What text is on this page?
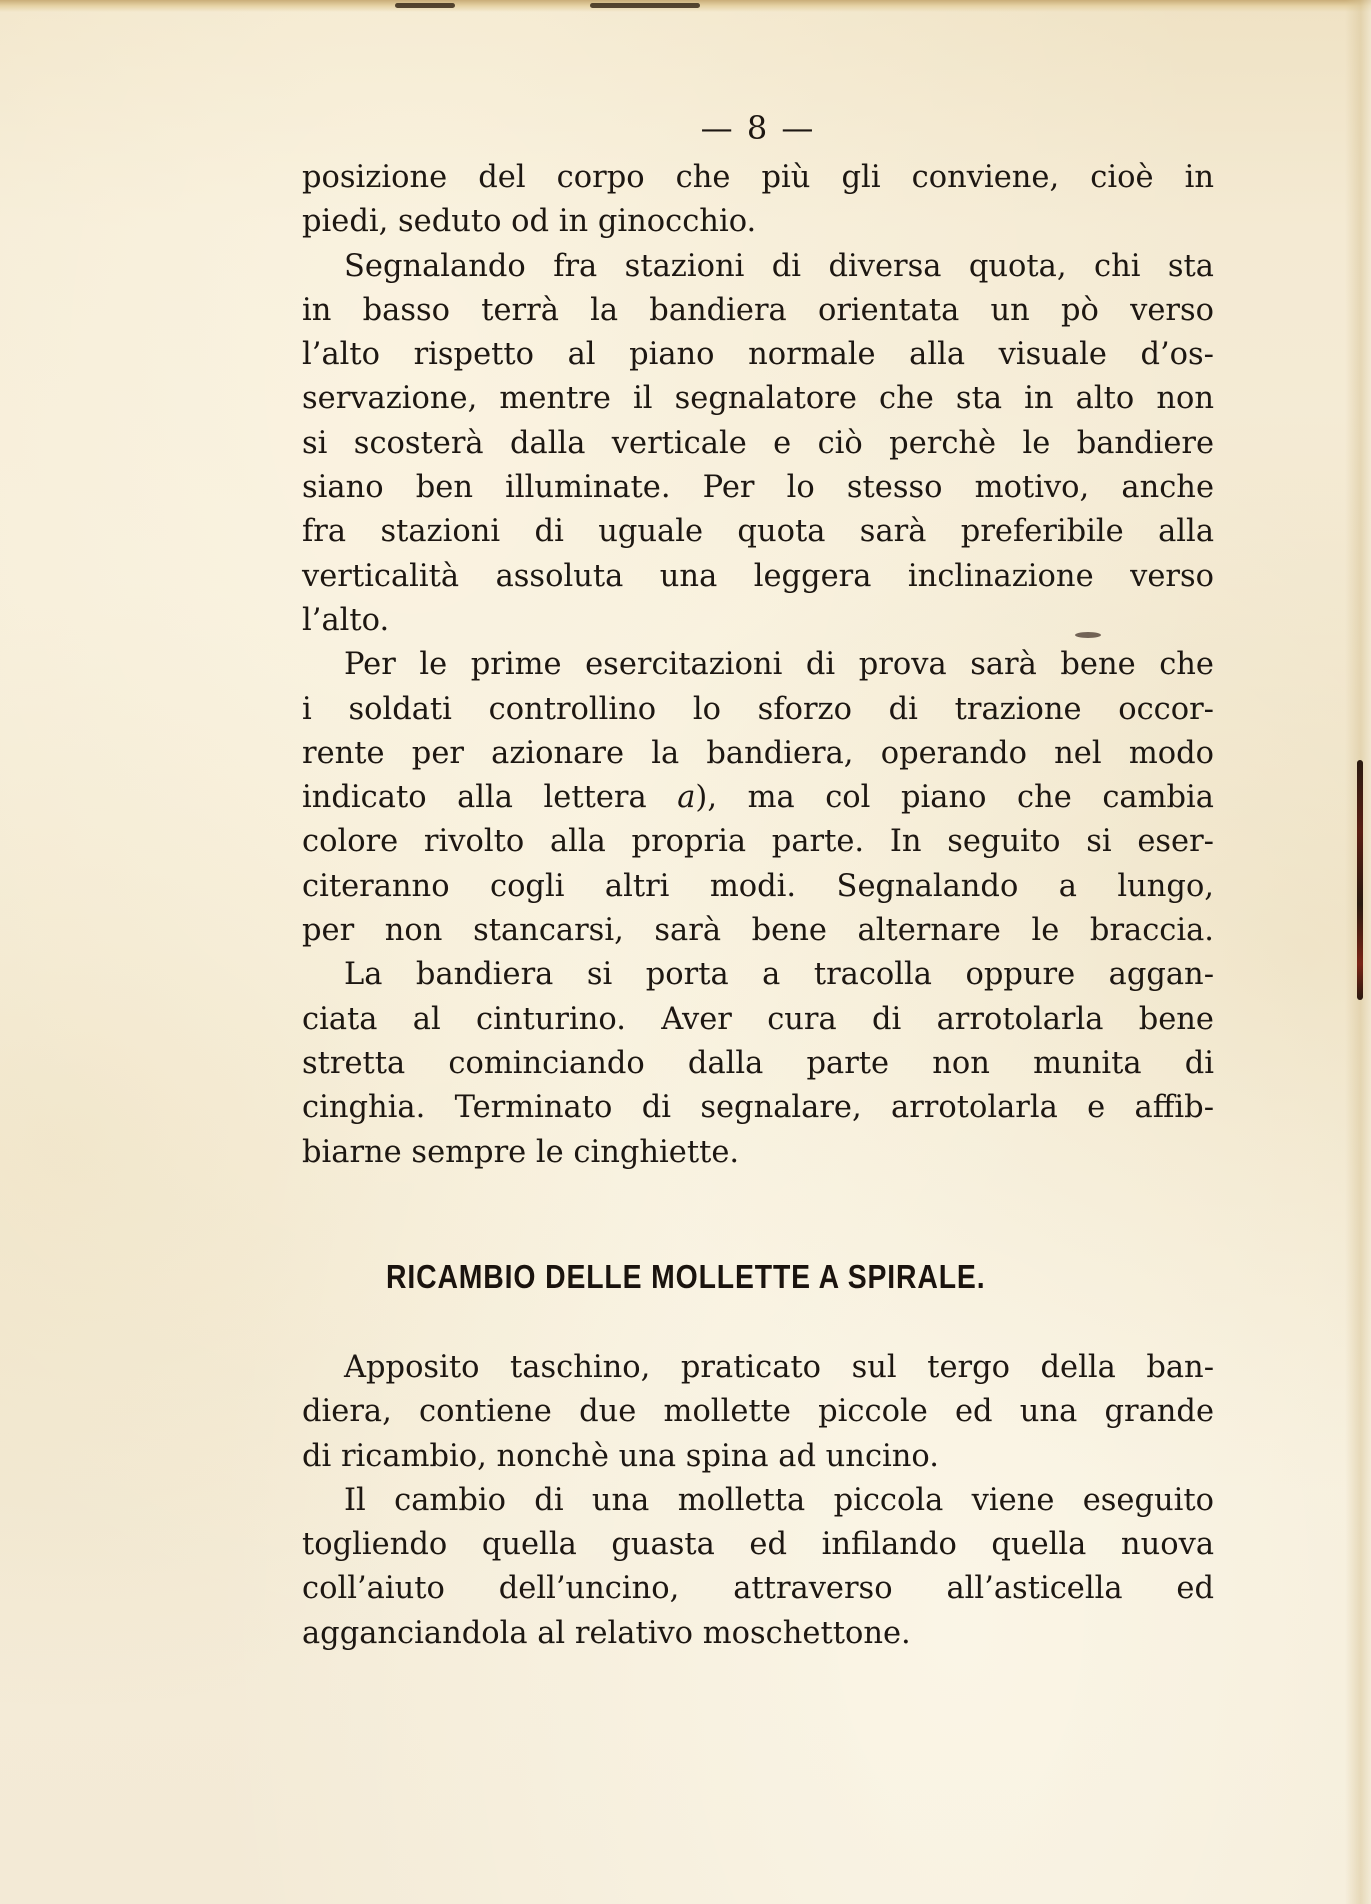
— 8 —
posizione del corpo che più gli conviene, cioè in
piedi, seduto od in ginocchio.
Segnalando fra stazioni di diversa quota, chi sta
in basso terrà la bandiera orientata un pò verso
l’alto rispetto al piano normale alla visuale d’os-
servazione, mentre il segnalatore che sta in alto non
si scosterà dalla verticale e ciò perchè le bandiere
siano ben illuminate. Per lo stesso motivo, anche
fra stazioni di uguale quota sarà preferibile alla
verticalità assoluta una leggera inclinazione verso
l’alto.
Per le prime esercitazioni di prova sarà bene che
i soldati controllino lo sforzo di trazione occor-
rente per azionare la bandiera, operando nel modo
indicato alla lettera a), ma col piano che cambia
colore rivolto alla propria parte. In seguito si eser-
citeranno cogli altri modi. Segnalando a lungo,
per non stancarsi, sarà bene alternare le braccia.
La bandiera si porta a tracolla oppure aggan-
ciata al cinturino. Aver cura di arrotolarla bene
stretta cominciando dalla parte non munita di
cinghia. Terminato di segnalare, arrotolarla e affib-
biarne sempre le cinghiette.
RICAMBIO DELLE MOLLETTE A SPIRALE.
Apposito taschino, praticato sul tergo della ban-
diera, contiene due mollette piccole ed una grande
di ricambio, nonchè una spina ad uncino.
Il cambio di una molletta piccola viene eseguito
togliendo quella guasta ed infilando quella nuova
coll’aiuto dell’uncino, attraverso all’asticella ed
agganciandola al relativo moschettone.
